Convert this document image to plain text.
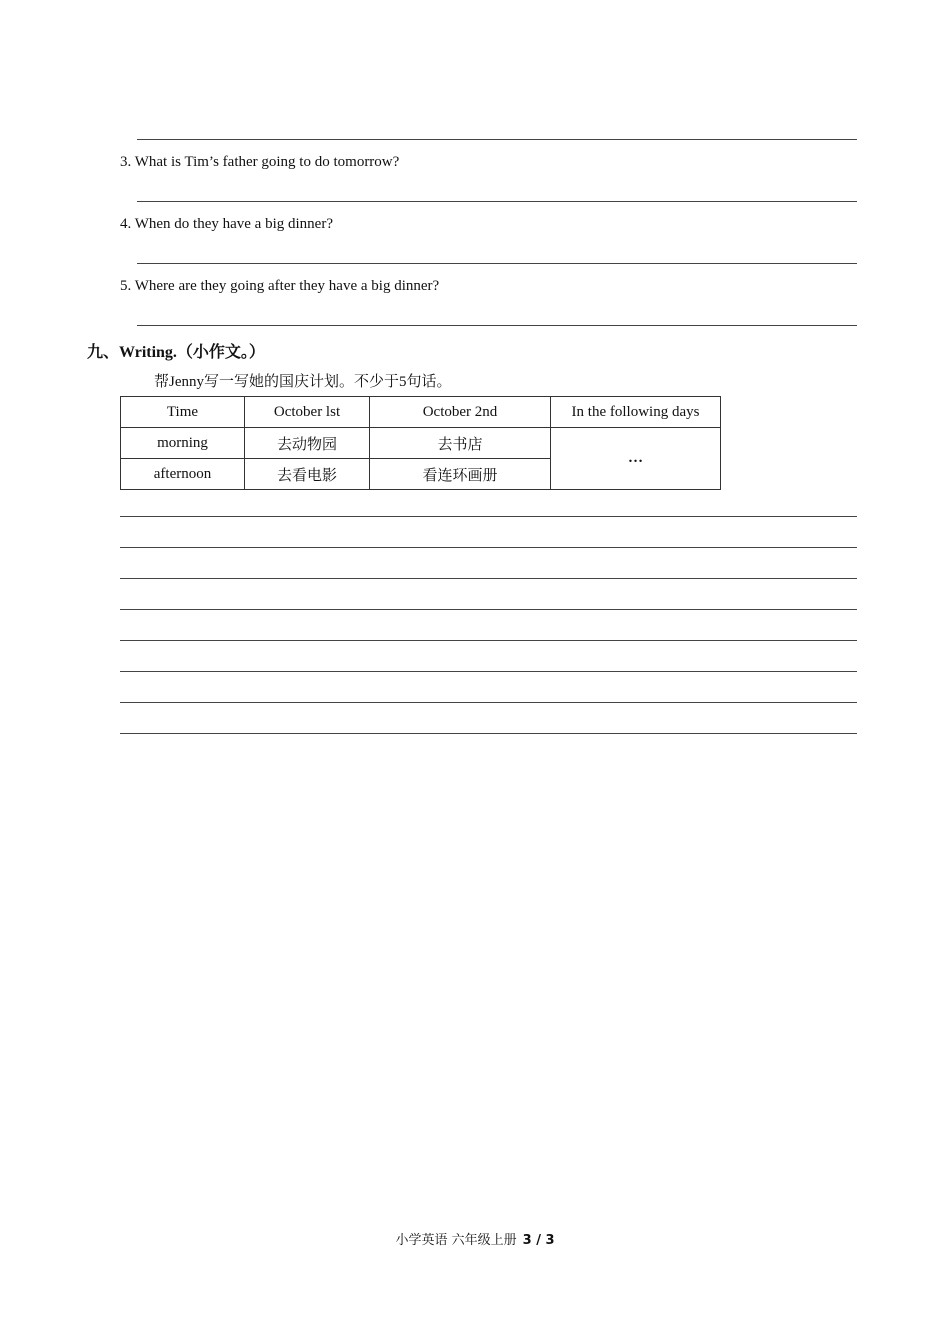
3. What is Tim’s father going to do tomorrow?
4. When do they have a big dinner?
5. Where are they going after they have a big dinner?
九、Writing.（小作文。）
帮Jenny写一写她的国庆计划。不少于5句话。
Time	October lst	October 2nd	In the following days
morning	去动物园	去书店	…
afternoon	去看电影	看连环画册	
小学英语 六年级上册 3 / 3
